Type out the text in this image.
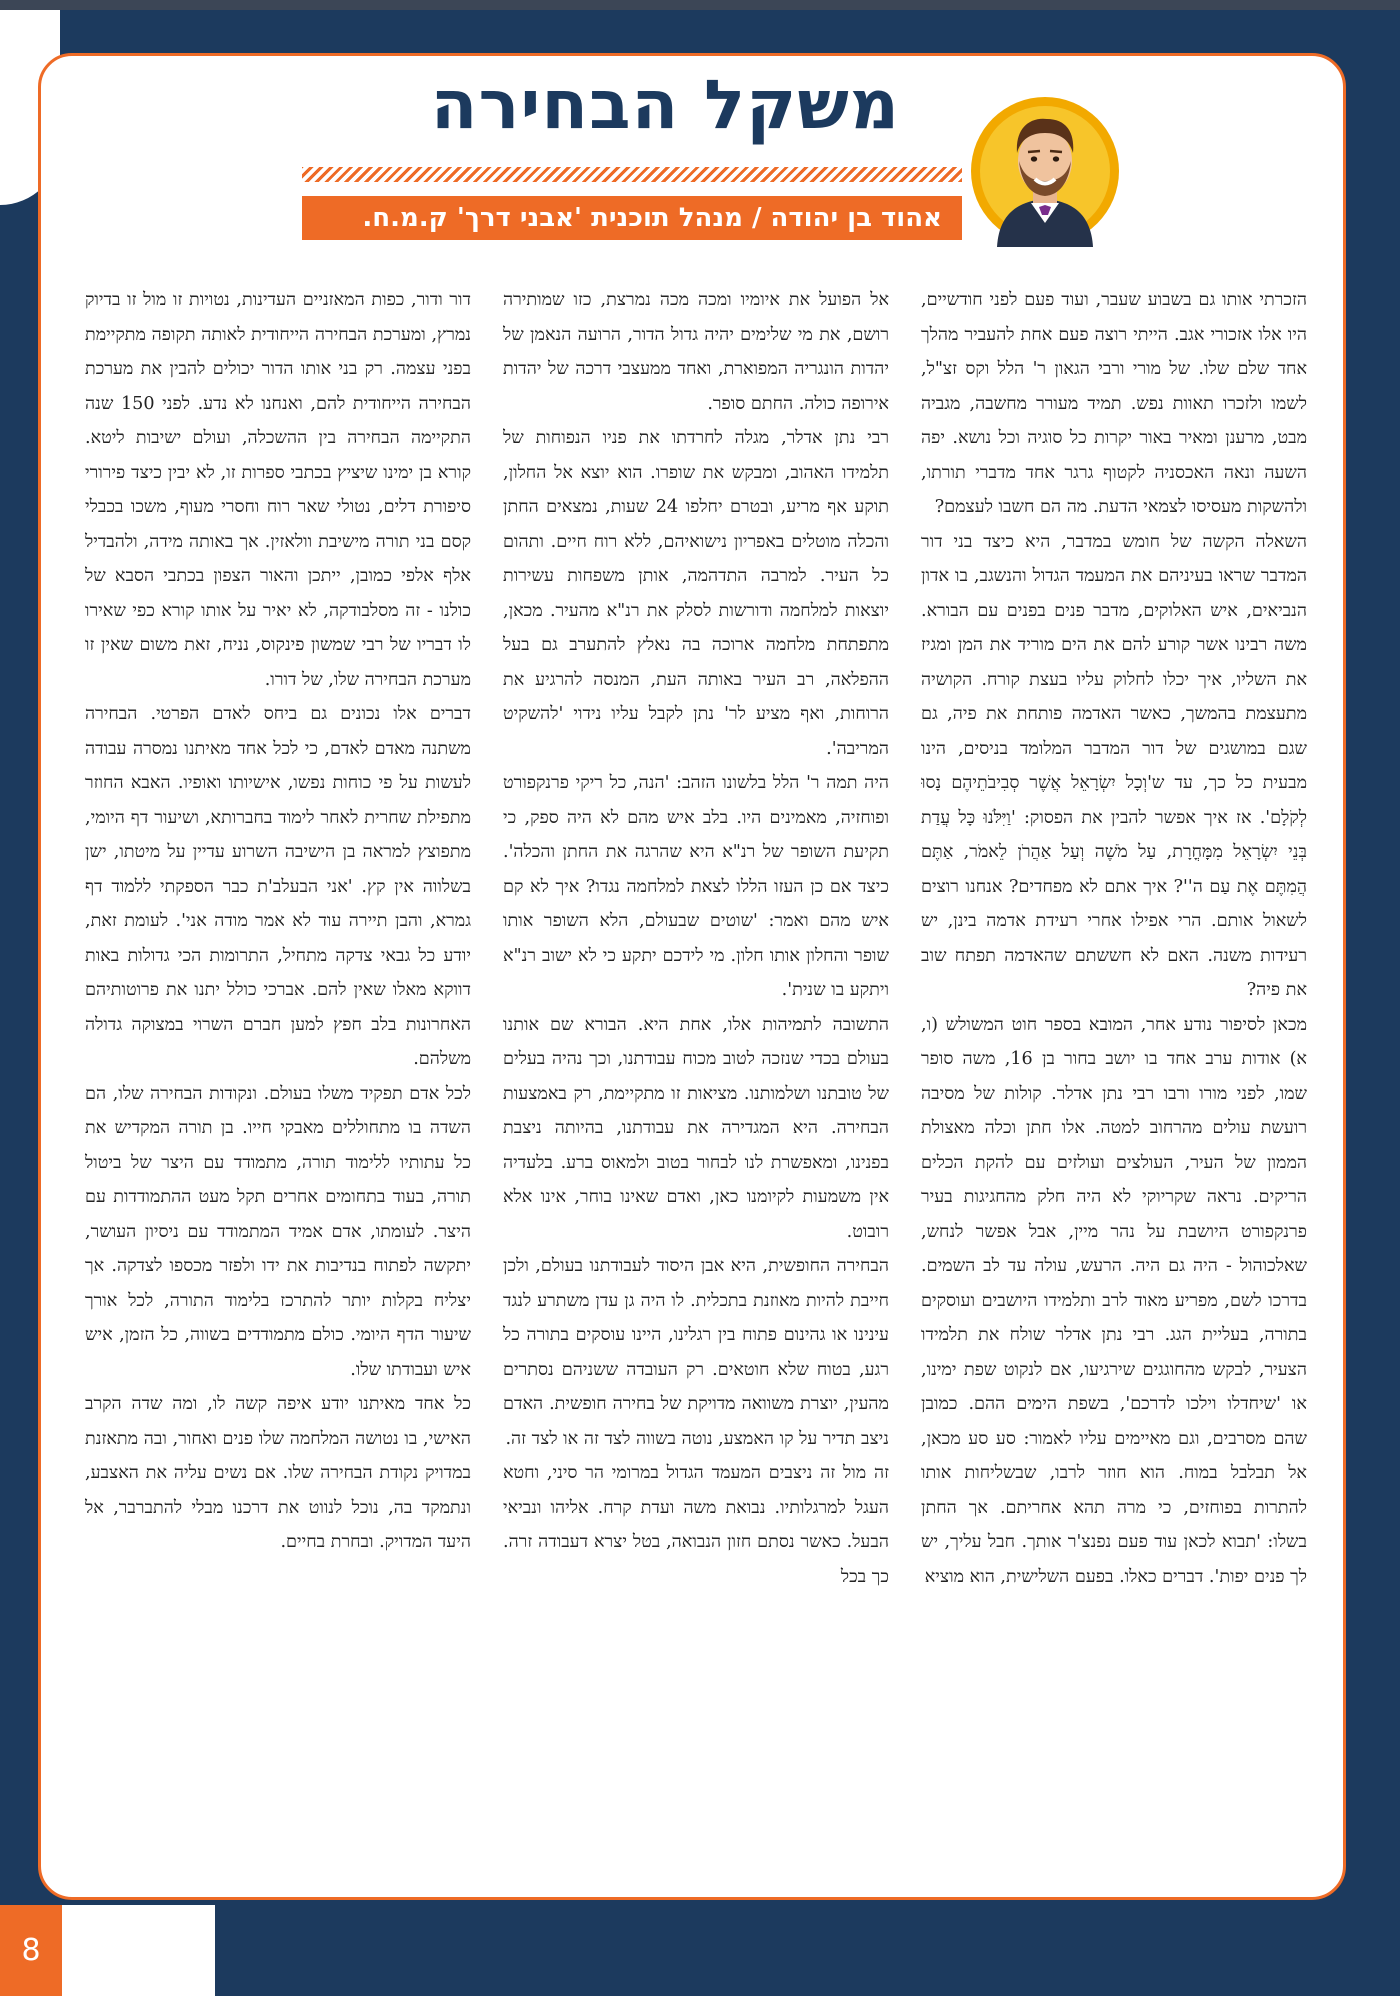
8
משקל הבחירה
אהוד בן יהודה / מנהל תוכנית 'אבני דרך' ק.מ.ח.

הזכרתי אותו גם בשבוע שעבר, ועוד פעם לפני חודשיים, היו אלו אזכורי אגב. הייתי רוצה פעם אחת להעביר מהלך אחד שלם שלו. של מורי ורבי הגאון ר' הלל וקס זצ"ל, לשמו ולזכרו תאוות נפש. תמיד מעורר מחשבה, מגביה מבט, מרענן ומאיר באור יקרות כל סוגיה וכל נושא. יפה השעה ונאה האכסניה לקטוף גרגר אחד מדברי תורתו, ולהשקות מעסיסו לצמאי הדעת. מה הם חשבו לעצמם?

השאלה הקשה של חומש במדבר, היא כיצד בני דור המדבר שראו בעיניהם את המעמד הגדול והנשגב, בו אדון הנביאים, איש האלוקים, מדבר פנים בפנים עם הבורא. משה רבינו אשר קורע להם את הים מוריד את המן ומגיז את השליו, איך יכלו לחלוק עליו בעצת קורח. הקושיה מתעצמת בהמשך, כאשר האדמה פותחת את פיה, גם שגם במושגים של דור המדבר המלומד בניסים, הינו מבעית כל כך, עד ש'וְכָל יִשְׂרָאֵל אֲשֶׁר סְבִיבֹתֵיהֶם נָסוּ לְקֹלָם'. אז איך אפשר להבין את הפסוק: 'וַיִּלֹּנוּ כָּל עֲדַת בְּנֵי יִשְׂרָאֵל מִמָּחֳרָת, עַל מֹשֶׁה וְעַל אַהֲרֹן לֵאמֹר, אַתֶּם הֲמִתֶּם אֶת עַם ה''? איך אתם לא מפחדים? אנחנו רוצים לשאול אותם. הרי אפילו אחרי רעידת אדמה בינן, יש רעידות משנה. האם לא חששתם שהאדמה תפתח שוב את פיה?

מכאן לסיפור נודע אחר, המובא בספר חוט המשולש (ו, א) אודות ערב אחד בו יושב בחור בן 16, משה סופר שמו, לפני מורו ורבו רבי נתן אדלר. קולות של מסיבה רועשת עולים מהרחוב למטה. אלו חתן וכלה מאצולת הממון של העיר, העולצים ועולזים עם להקת הכלים הריקים. נראה שקריוקי לא היה חלק מהחגיגות בעיר פרנקפורט היושבת על נהר מיין, אבל אפשר לנחש, שאלכוהול - היה גם היה. הרעש, עולה עד לב השמים. בדרכו לשם, מפריע מאוד לרב ותלמידו היושבים ועוסקים בתורה, בעליית הגג. רבי נתן אדלר שולח את תלמידו הצעיר, לבקש מהחוגגים שירגיעו, אם לנקוט שפת ימינו, או 'שיחדלו וילכו לדרכם', בשפת הימים ההם. כמובן שהם מסרבים, וגם מאיימים עליו לאמור: סע סע מכאן, אל תבלבל במוח. הוא חוזר לרבו, שבשליחות אותו להתרות בפוחזים, כי מרה תהא אחריתם. אך החתן בשלו: 'תבוא לכאן עוד פעם נפנצ'ר אותך. חבל עליך, יש לך פנים יפות'. דברים כאלו. בפעם השלישית, הוא מוציא

אל הפועל את איומיו ומכה מכה נמרצת, כזו שמותירה רושם, את מי שלימים יהיה גדול הדור, הרועה הנאמן של יהדות הונגריה המפוארת, ואחד ממעצבי דרכה של יהדות אירופה כולה. החתם סופר.

רבי נתן אדלר, מגלה לחרדתו את פניו הנפוחות של תלמידו האהוב, ומבקש את שופרו. הוא יוצא אל החלון, תוקע אף מריע, ובטרם יחלפו 24 שעות, נמצאים החתן והכלה מוטלים באפריון נישואיהם, ללא רוח חיים. ותהום כל העיר. למרבה התדהמה, אותן משפחות עשירות יוצאות למלחמה ודורשות לסלק את רנ"א מהעיר. מכאן, מתפתחת מלחמה ארוכה בה נאלץ להתערב גם בעל ההפלאה, רב העיר באותה העת, המנסה להרגיע את הרוחות, ואף מציע לר' נתן לקבל עליו נידוי 'להשקיט המריבה'.

היה תמה ר' הלל בלשונו הזהב: 'הנה, כל ריקי פרנקפורט ופוחזיה, מאמינים היו. בלב איש מהם לא היה ספק, כי תקיעת השופר של רנ"א היא שהרגה את החתן והכלה'. כיצד אם כן העזו הללו לצאת למלחמה נגדו? איך לא קם איש מהם ואמר: 'שוטים שבעולם, הלא השופר אותו שופר והחלון אותו חלון. מי לידכם יתקע כי לא ישוב רנ"א ויתקע בו שנית'.

התשובה לתמיהות אלו, אחת היא. הבורא שם אותנו בעולם בכדי שנזכה לטוב מכוח עבודתנו, וכך נהיה בעלים של טובתנו ושלמותנו. מציאות זו מתקיימת, רק באמצעות הבחירה. היא המגדירה את עבודתנו, בהיותה ניצבת בפנינו, ומאפשרת לנו לבחור בטוב ולמאוס ברע. בלעדיה אין משמעות לקיומנו כאן, ואדם שאינו בוחר, אינו אלא רובוט.

הבחירה החופשית, היא אבן היסוד לעבודתנו בעולם, ולכן חייבת להיות מאוזנת בתכלית. לו היה גן עדן משתרע לנגד עינינו או גהינום פתוח בין רגלינו, היינו עוסקים בתורה כל רגע, בטוח שלא חוטאים. רק העובדה ששניהם נסתרים מהעין, יוצרת משוואה מדויקת של בחירה חופשית. האדם ניצב תדיר על קו האמצע, נוטה בשווה לצד זה או לצד זה.

זה מול זה ניצבים המעמד הגדול במרומי הר סיני, וחטא העגל למרגלותיו. נבואת משה ועדת קרח. אליהו ונביאי הבעל. כאשר נסתם חזון הנבואה, בטל יצרא דעבודה זרה. כך בכל

דור ודור, כפות המאזניים העדינות, נטויות זו מול זו בדיוק נמרץ, ומערכת הבחירה הייחודית לאותה תקופה מתקיימת בפני עצמה. רק בני אותו הדור יכולים להבין את מערכת הבחירה הייחודית להם, ואנחנו לא נדע. לפני 150 שנה התקיימה הבחירה בין ההשכלה, ועולם ישיבות ליטא. קורא בן ימינו שיציץ בכתבי ספרות זו, לא יבין כיצד פירורי סיפורת דלים, נטולי שאר רוח וחסרי מעוף, משכו בכבלי קסם בני תורה מישיבת וולאזין. אך באותה מידה, ולהבדיל אלף אלפי כמובן, ייתכן והאור הצפון בכתבי הסבא של כולנו - זה מסלבודקה, לא יאיר על אותו קורא כפי שאירו לו דבריו של רבי שמשון פינקוס, נניח, זאת משום שאין זו מערכת הבחירה שלו, של דורו.

דברים אלו נכונים גם ביחס לאדם הפרטי. הבחירה משתנה מאדם לאדם, כי לכל אחד מאיתנו נמסרה עבודה לעשות על פי כוחות נפשו, אישיותו ואופיו. האבא החוזר מתפילת שחרית לאחר לימוד בחברותא, ושיעור דף היומי, מתפוצץ למראה בן הישיבה השרוע עדיין על מיטתו, ישן בשלווה אין קץ. 'אני הבעלב'ת כבר הספקתי ללמוד דף גמרא, והבן תיירה עוד לא אמר מודה אני'. לעומת זאת, יודע כל גבאי צדקה מתחיל, התרומות הכי גדולות באות דווקא מאלו שאין להם. אברכי כולל יתנו את פרוטותיהם האחרונות בלב חפץ למען חברם השרוי במצוקה גדולה משלהם.

לכל אדם תפקיד משלו בעולם. ונקודות הבחירה שלו, הם השדה בו מתחוללים מאבקי חייו. בן תורה המקדיש את כל עתותיו ללימוד תורה, מתמודד עם היצר של ביטול תורה, בעוד בתחומים אחרים תקל מעט ההתמודדות עם היצר. לעומתו, אדם אמיד המתמודד עם ניסיון העושר, יתקשה לפתוח בנדיבות את ידו ולפזר מכספו לצדקה. אך יצליח בקלות יותר להתרכז בלימוד התורה, לכל אורך שיעור הדף היומי. כולם מתמודדים בשווה, כל הזמן, איש איש ועבודתו שלו.

כל אחד מאיתנו יודע איפה קשה לו, ומה שדה הקרב האישי, בו נטושה המלחמה שלו פנים ואחור, ובה מתאזנת במדויק נקודת הבחירה שלו. אם נשים עליה את האצבע, ונתמקד בה, נוכל לנווט את דרכנו מבלי להתברבר, אל היעד המדויק. ובחרת בחיים.
